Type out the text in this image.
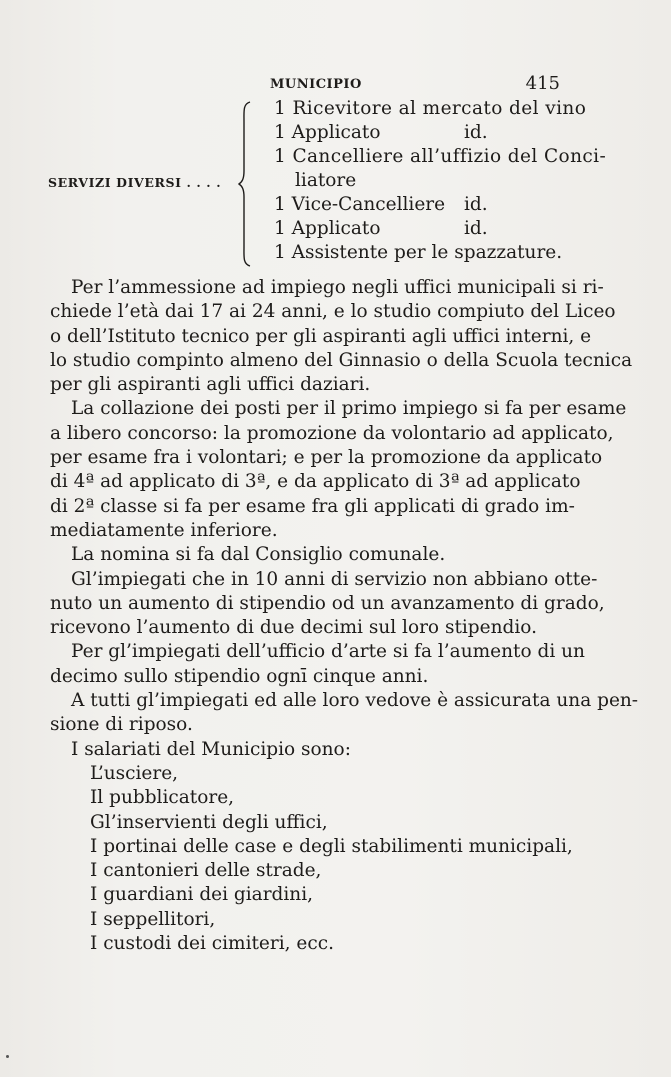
MUNICIPIO	415
SERVIZI DIVERSI . . . .
1 Ricevitore al mercato del vino
1 Applicato	id.
1 Cancelliere all’uffizio del Conci-
liatore
1 Vice-Cancelliere id.
1 Applicato	id.
1 Assistente per le spazzature.
Per l’ammessione ad impiego negli uffici municipali si ri-
chiede l’età dai 17 ai 24 anni, e lo studio compiuto del Liceo
o dell’Istituto tecnico per gli aspiranti agli uffici interni, e
lo studio compinto almeno del Ginnasio o della Scuola tecnica
per gli aspiranti agli uffici daziari.
La collazione dei posti per il primo impiego si fa per esame
a libero concorso: la promozione da volontario ad applicato,
per esame fra i volontari; e per la promozione da applicato
di 4ª ad applicato di 3ª, e da applicato di 3ª ad applicato
di 2ª classe si fa per esame fra gli applicati di grado im-
mediatamente inferiore.
La nomina si fa dal Consiglio comunale.
Gl’impiegati che in 10 anni di servizio non abbiano otte-
nuto un aumento di stipendio od un avanzamento di grado,
ricevono l’aumento di due decimi sul loro stipendio.
Per gl’impiegati dell’ufficio d’arte si fa l’aumento di un
decimo sullo stipendio ognī cinque anni.
A tutti gl’impiegati ed alle loro vedove è assicurata una pen-
sione di riposo.
I salariati del Municipio sono:
L’usciere,
Il pubblicatore,
Gl’inservienti degli uffici,
I portinai delle case e degli stabilimenti municipali,
I cantonieri delle strade,
I guardiani dei giardini,
I seppellitori,
I custodi dei cimiteri, ecc.
